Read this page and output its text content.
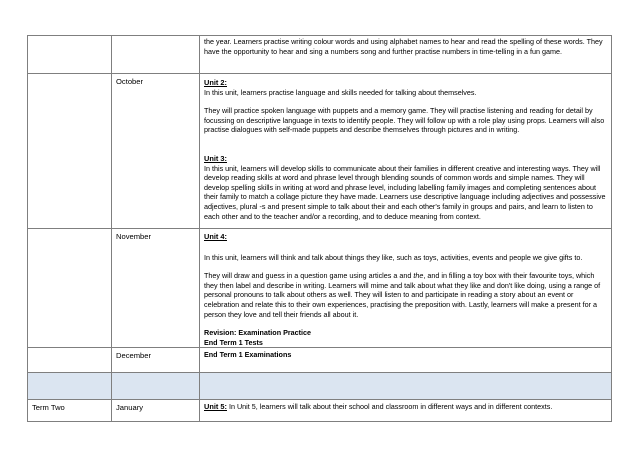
		the year. Learners practise writing colour words and using alphabet names to hear and read the spelling of these words. They have the opportunity to hear and sing a numbers song and further practise numbers in time-telling in a fun game.

	October	Unit 2:

In this unit, learners practise language and skills needed for talking about themselves.

They will practice spoken language with puppets and a memory game. They will practise listening and reading for detail by focussing on descriptive language in texts to identify people. They will follow up with a role play using props. Learners will also practise dialogues with self-made puppets and describe themselves through pictures and in writing.

Unit 3:

In this unit, learners will develop skills to communicate about their families in different creative and interesting ways. They will develop reading skills at word and phrase level through blending sounds of common words and simple names. They will develop spelling skills in writing at word and phrase level, including labelling family images and completing sentences about their family to match a collage picture they have made. Learners use descriptive language including adjectives and possessive adjectives, plural -s and present simple to talk about their and each other's family in groups and pairs, and learn to listen to each other and to the teacher and/or a recording, and to deduce meaning from context.

	November	Unit 4:

In this unit, learners will think and talk about things they like, such as toys, activities, events and people we give gifts to.

They will draw and guess in a question game using articles a and the, and in filling a toy box with their favourite toys, which they then label and describe in writing. Learners will mime and talk about what they like and don't like doing, using a range of personal pronouns to talk about others as well. They will listen to and participate in reading a story about an event or celebration and relate this to their own experiences, practising the preposition with. Lastly, learners will make a present for a person they love and tell their friends all about it.

Revision: Examination Practice

End Term 1 Tests

	December	End Term 1 Examinations

Term Two	January	Unit 5: In Unit 5, learners will talk about their school and classroom in different ways and in different contexts.
